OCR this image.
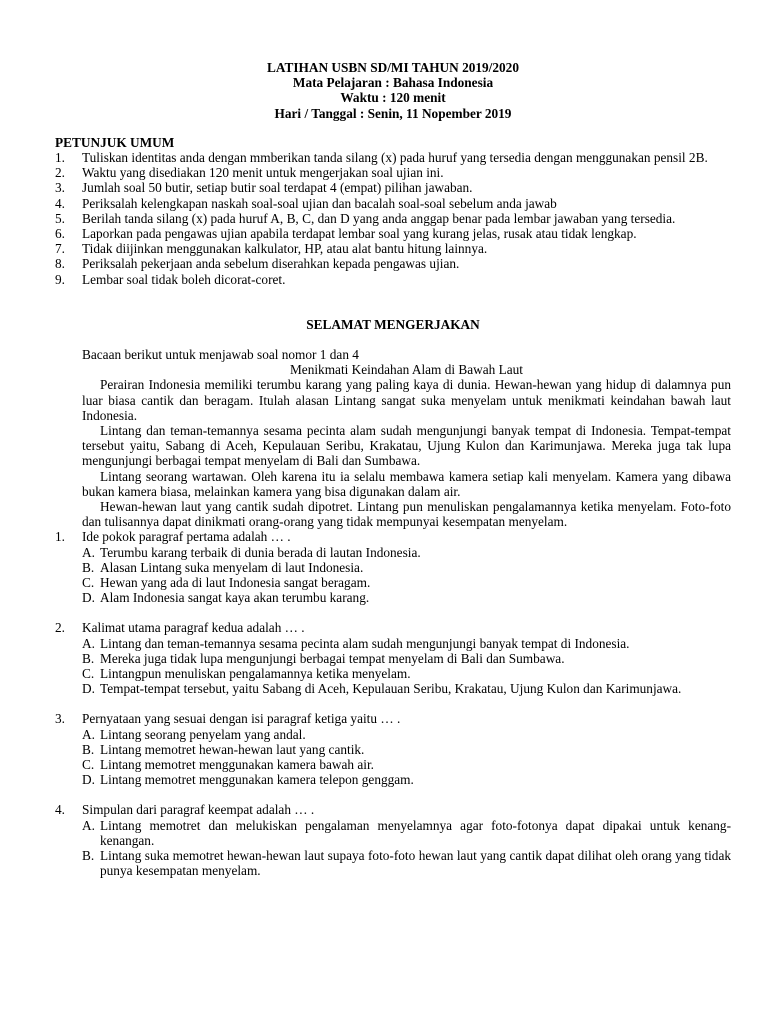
LATIHAN USBN SD/MI TAHUN 2019/2020
Mata Pelajaran : Bahasa Indonesia
Waktu : 120 menit
Hari / Tanggal : Senin, 11 Nopember 2019
PETUNJUK UMUM
1.	Tuliskan identitas anda dengan mmberikan tanda silang (x) pada huruf yang tersedia dengan menggunakan pensil 2B.
2.	Waktu yang disediakan 120 menit untuk mengerjakan soal ujian ini.
3.	Jumlah soal 50 butir, setiap butir soal terdapat 4 (empat) pilihan jawaban.
4.	Periksalah kelengkapan naskah soal-soal ujian dan bacalah soal-soal sebelum anda jawab
5.	Berilah tanda silang (x) pada huruf A, B, C, dan D yang anda anggap benar pada lembar jawaban yang tersedia.
6.	Laporkan pada pengawas ujian apabila terdapat lembar soal yang kurang jelas, rusak atau tidak lengkap.
7.	Tidak diijinkan menggunakan kalkulator, HP, atau alat bantu hitung lainnya.
8.	Periksalah pekerjaan anda sebelum diserahkan kepada pengawas ujian.
9.	Lembar soal tidak boleh dicorat-coret.
SELAMAT MENGERJAKAN
Bacaan berikut untuk menjawab soal nomor 1 dan 4
Menikmati Keindahan Alam di Bawah Laut
Perairan Indonesia memiliki terumbu karang yang paling kaya di dunia. Hewan-hewan yang hidup di dalamnya pun luar biasa cantik dan beragam. Itulah alasan Lintang sangat suka menyelam untuk menikmati keindahan bawah laut Indonesia.
Lintang dan teman-temannya sesama pecinta alam sudah mengunjungi banyak tempat di Indonesia. Tempat-tempat tersebut yaitu, Sabang di Aceh, Kepulauan Seribu, Krakatau, Ujung Kulon dan Karimunjawa. Mereka juga tak lupa mengunjungi berbagai tempat menyelam di Bali dan Sumbawa.
Lintang seorang wartawan. Oleh karena itu ia selalu membawa kamera setiap kali menyelam. Kamera yang dibawa bukan kamera biasa, melainkan kamera yang bisa digunakan dalam air.
Hewan-hewan laut yang cantik sudah dipotret. Lintang pun menuliskan pengalamannya ketika menyelam. Foto-foto dan tulisannya dapat dinikmati orang-orang yang tidak mempunyai kesempatan menyelam.
1.	Ide pokok paragraf pertama adalah … .
A. Terumbu karang terbaik di dunia berada di lautan Indonesia.
B. Alasan Lintang suka menyelam di laut Indonesia.
C. Hewan yang ada di laut Indonesia sangat beragam.
D. Alam Indonesia sangat kaya akan terumbu karang.
2.	Kalimat utama paragraf kedua adalah … .
A. Lintang dan teman-temannya sesama pecinta alam sudah mengunjungi banyak tempat di Indonesia.
B. Mereka juga tidak lupa mengunjungi berbagai tempat menyelam di Bali dan Sumbawa.
C. Lintangpun menuliskan pengalamannya ketika menyelam.
D. Tempat-tempat tersebut, yaitu Sabang di Aceh, Kepulauan Seribu, Krakatau, Ujung Kulon dan Karimunjawa.
3.	Pernyataan yang sesuai dengan isi paragraf ketiga yaitu … .
A. Lintang seorang penyelam yang andal.
B. Lintang memotret hewan-hewan laut yang cantik.
C. Lintang memotret menggunakan kamera bawah air.
D. Lintang memotret menggunakan kamera telepon genggam.
4.	Simpulan dari paragraf keempat adalah … .
A. Lintang memotret dan melukiskan pengalaman menyelamnya agar foto-fotonya dapat dipakai untuk kenang-kenangan.
B. Lintang suka memotret hewan-hewan laut supaya foto-foto hewan laut yang cantik dapat dilihat oleh orang yang tidak punya kesempatan menyelam.
